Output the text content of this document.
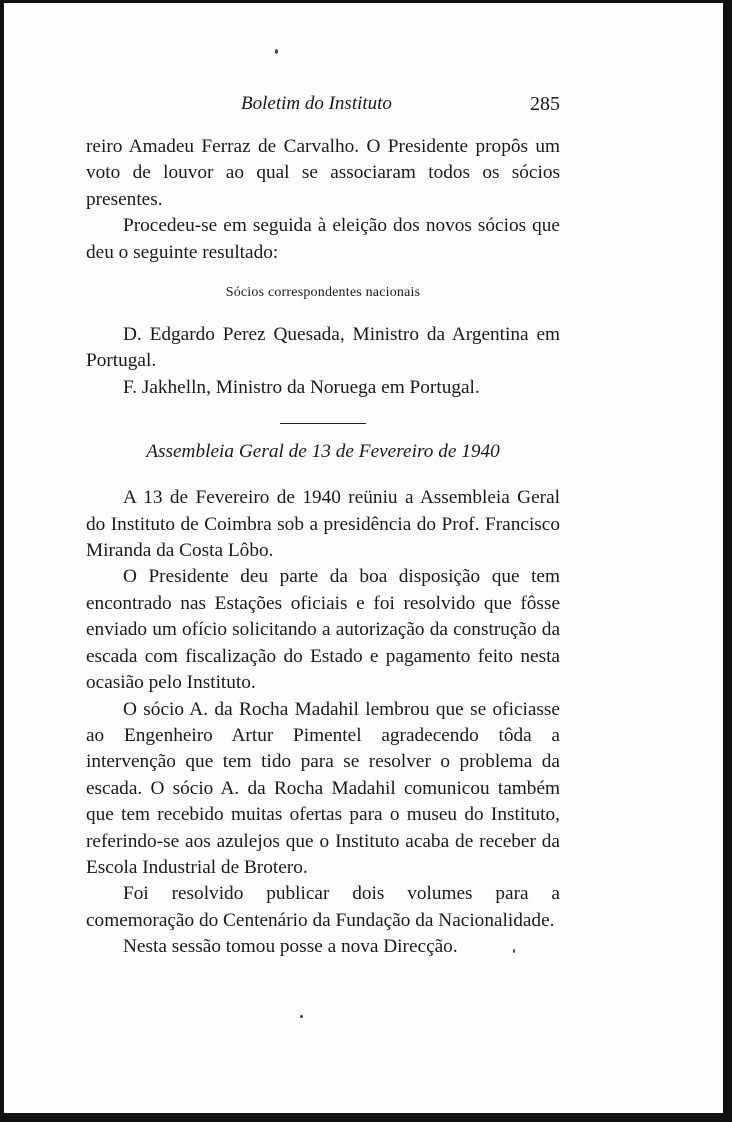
Boletim do Instituto	285

reiro Amadeu Ferraz de Carvalho. O Presidente propôs um voto de louvor ao qual se associaram todos os sócios presentes.

Procedeu-se em seguida à eleição dos novos sócios que deu o seguinte resultado:

Sócios correspondentes nacionais

D. Edgardo Perez Quesada, Ministro da Argentina em Portugal.

F. Jakhelln, Ministro da Noruega em Portugal.

Assembleia Geral de 13 de Fevereiro de 1940

A 13 de Fevereiro de 1940 reüniu a Assembleia Geral do Instituto de Coimbra sob a presidência do Prof. Francisco Miranda da Costa Lôbo.

O Presidente deu parte da boa disposição que tem encontrado nas Estações oficiais e foi resolvido que fôsse enviado um ofício solicitando a autorização da construção da escada com fiscalização do Estado e pagamento feito nesta ocasião pelo Instituto.

O sócio A. da Rocha Madahil lembrou que se oficiasse ao Engenheiro Artur Pimentel agradecendo tôda a intervenção que tem tido para se resolver o problema da escada. O sócio A. da Rocha Madahil comunicou também que tem recebido muitas ofertas para o museu do Instituto, referindo-se aos azulejos que o Instituto acaba de receber da Escola Industrial de Brotero.

Foi resolvido publicar dois volumes para a comemoração do Centenário da Fundação da Nacionalidade.

Nesta sessão tomou posse a nova Direcção.
